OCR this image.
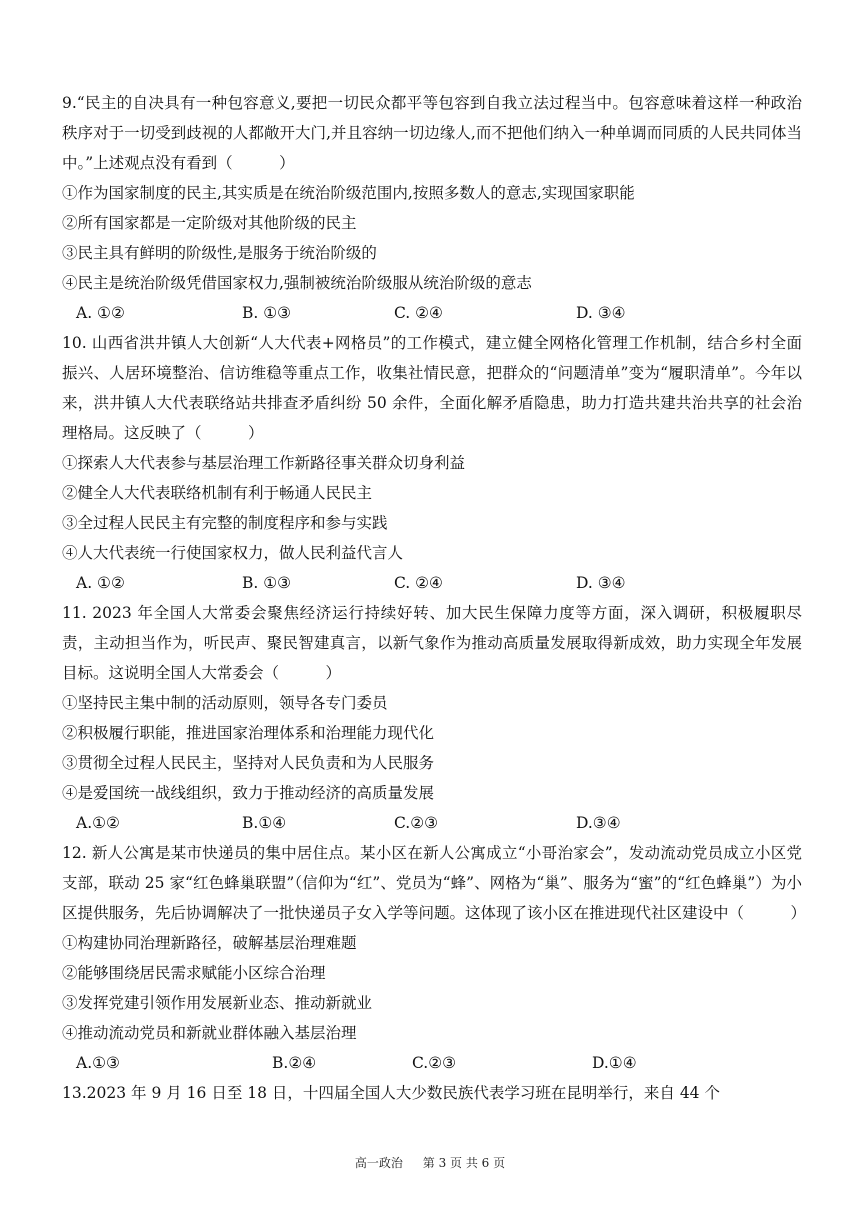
9.“民主的自决具有一种包容意义,要把一切民众都平等包容到自我立法过程当中。包容意味着这样一种政治秩序对于一切受到歧视的人都敞开大门,并且容纳一切边缘人,而不把他们纳入一种单调而同质的人民共同体当中。”上述观点没有看到（　　　）

①作为国家制度的民主,其实质是在统治阶级范围内,按照多数人的意志,实现国家职能

②所有国家都是一定阶级对其他阶级的民主

③民主具有鲜明的阶级性,是服务于统治阶级的

④民主是统治阶级凭借国家权力,强制被统治阶级服从统治阶级的意志

A. ①②	B. ①③	C. ②④	D. ③④

10. 山西省洪井镇人大创新“人大代表+网格员”的工作模式，建立健全网格化管理工作机制，结合乡村全面振兴、人居环境整治、信访维稳等重点工作，收集社情民意，把群众的“问题清单”变为“履职清单”。今年以来，洪井镇人大代表联络站共排查矛盾纠纷 50 余件，全面化解矛盾隐患，助力打造共建共治共享的社会治理格局。这反映了（　　　）

①探索人大代表参与基层治理工作新路径事关群众切身利益

②健全人大代表联络机制有利于畅通人民民主

③全过程人民民主有完整的制度程序和参与实践

④人大代表统一行使国家权力，做人民利益代言人

A. ①②	B. ①③	C. ②④	D. ③④

11. 2023 年全国人大常委会聚焦经济运行持续好转、加大民生保障力度等方面，深入调研，积极履职尽责，主动担当作为，听民声、聚民智建真言，以新气象作为推动高质量发展取得新成效，助力实现全年发展目标。这说明全国人大常委会（　　　）

①坚持民主集中制的活动原则，领导各专门委员

②积极履行职能，推进国家治理体系和治理能力现代化

③贯彻全过程人民民主，坚持对人民负责和为人民服务

④是爱国统一战线组织，致力于推动经济的高质量发展

A.①②	B.①④	C.②③	D.③④

12. 新人公寓是某市快递员的集中居住点。某小区在新人公寓成立“小哥治家会”，发动流动党员成立小区党支部，联动 25 家“红色蜂巢联盟”（信仰为“红”、党员为“蜂”、网格为“巢”、服务为“蜜”的“红色蜂巢”）为小区提供服务，先后协调解决了一批快递员子女入学等问题。这体现了该小区在推进现代社区建设中（　　　）

①构建协同治理新路径，破解基层治理难题

②能够围绕居民需求赋能小区综合治理

③发挥党建引领作用发展新业态、推动新就业

④推动流动党员和新就业群体融入基层治理

A.①③	B.②④	C.②③	D.①④

13.2023 年 9 月 16 日至 18 日，十四届全国人大少数民族代表学习班在昆明举行，来自 44 个

高一政治 第 3 页 共 6 页
